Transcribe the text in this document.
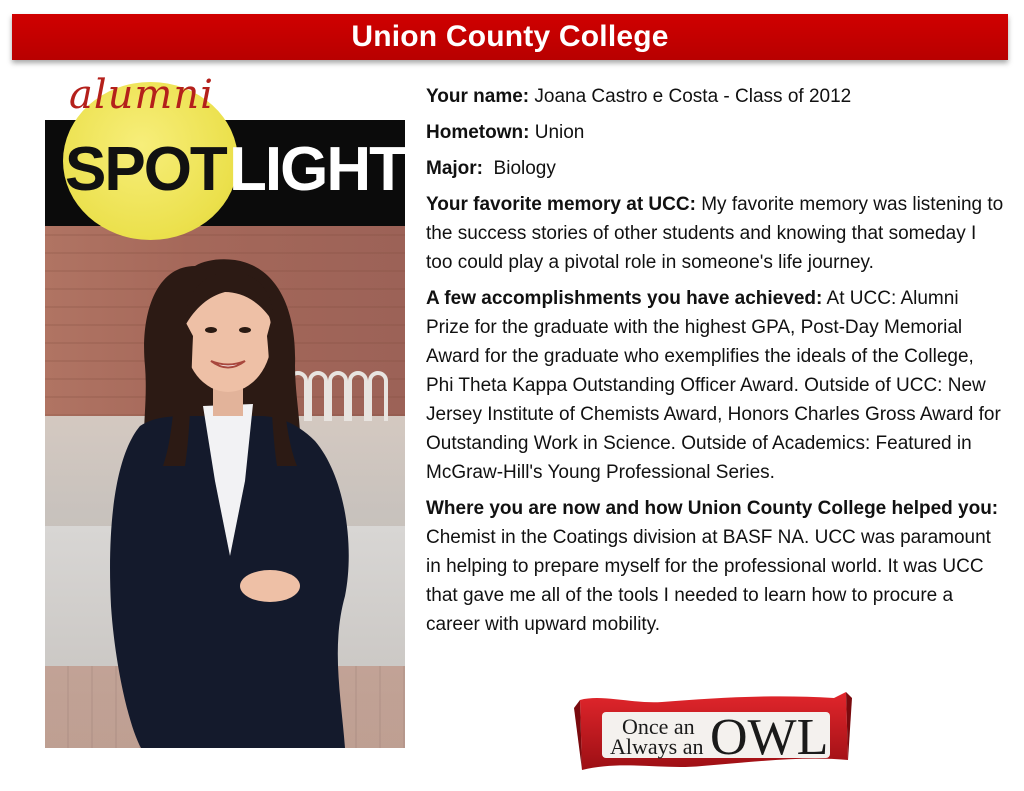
Union County College
alumni
SPOT LIGHT

Your name: Joana Castro e Costa - Class of 2012

Hometown: Union

Major:  Biology

Your favorite memory at UCC: My favorite memory was listening to the success stories of other students and knowing that someday I too could play a pivotal role in someone's life journey.

A few accomplishments you have achieved: At UCC: Alumni Prize for the graduate with the highest GPA, Post-Day Memorial Award for the graduate who exemplifies the ideals of the College, Phi Theta Kappa Outstanding Officer Award. Outside of UCC: New Jersey Institute of Chemists Award, Honors Charles Gross Award for Outstanding Work in Science. Outside of Academics: Featured in McGraw-Hill's Young Professional Series.

Where you are now and how Union County College helped you: Chemist in the Coatings division at BASF NA. UCC was paramount in helping to prepare myself for the professional world. It was UCC that gave me all of the tools I needed to learn how to procure a career with upward mobility.

Once an
Always an OWL
